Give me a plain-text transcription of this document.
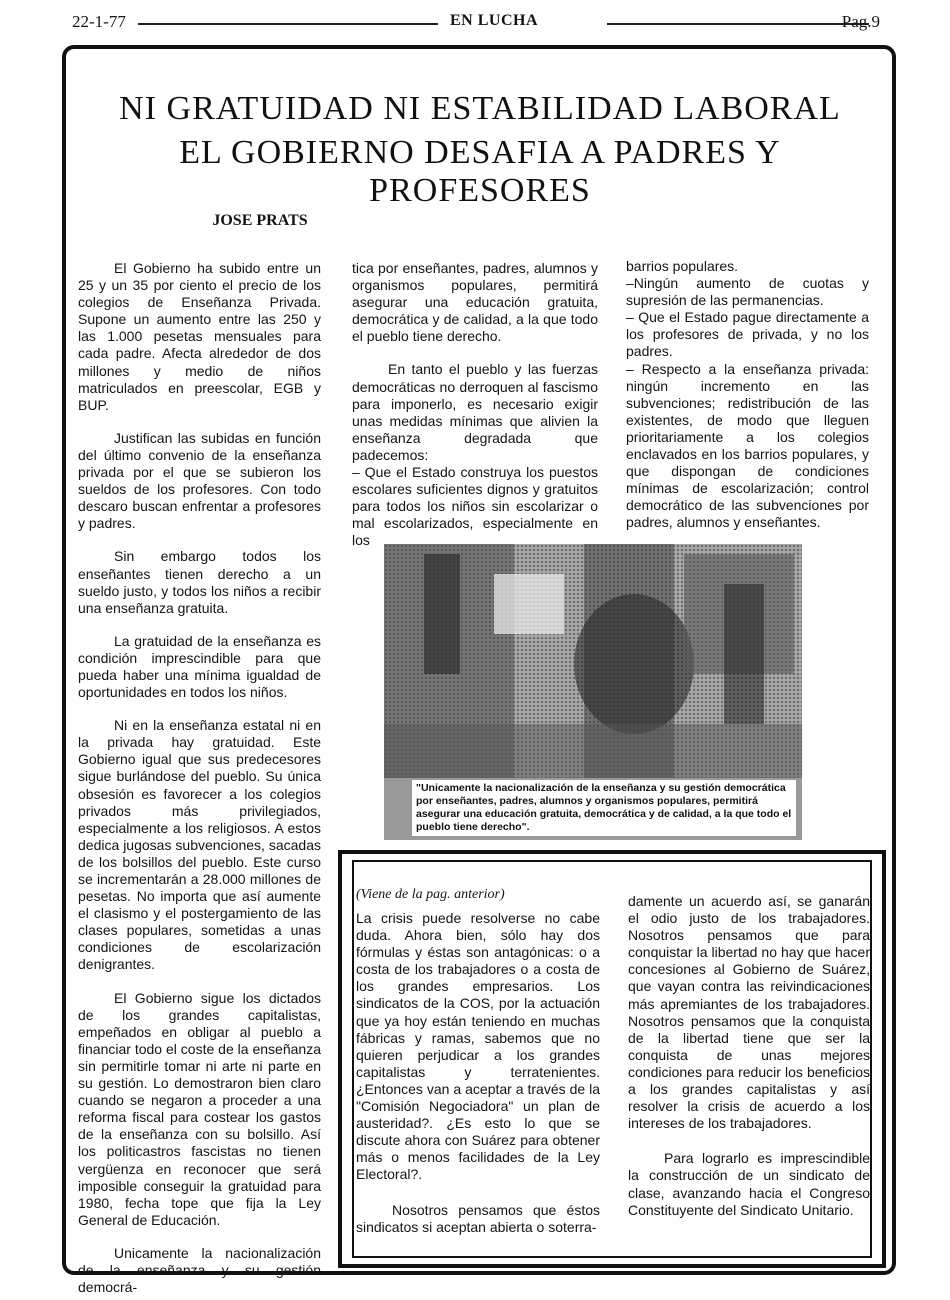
22-1-77	EN LUCHA	Pag.9
NI GRATUIDAD NI ESTABILIDAD LABORAL
EL GOBIERNO DESAFIA A PADRES Y PROFESORES
JOSE PRATS

El Gobierno ha subido entre un 25 y un 35 por ciento el precio de los colegios de Enseñanza Privada. Supone un aumento entre las 250 y las 1.000 pesetas mensuales para cada padre. Afecta alrededor de dos millones y medio de niños matriculados en preescolar, EGB y BUP.

Justifican las subidas en función del último convenio de la enseñanza privada por el que se subieron los sueldos de los profesores. Con todo descaro buscan enfrentar a profesores y padres.

Sin embargo todos los enseñantes tienen derecho a un sueldo justo, y todos los niños a recibir una enseñanza gratuita.

La gratuidad de la enseñanza es condición imprescindible para que pueda haber una mínima igualdad de oportunidades en todos los niños.

Ni en la enseñanza estatal ni en la privada hay gratuidad. Este Gobierno igual que sus predecesores sigue burlándose del pueblo. Su única obsesión es favorecer a los colegios privados más privilegiados, especialmente a los religiosos. A estos dedica jugosas subvenciones, sacadas de los bolsillos del pueblo. Este curso se incrementarán a 28.000 millones de pesetas. No importa que así aumente el clasismo y el postergamiento de las clases populares, sometidas a unas condiciones de escolarización denigrantes.

El Gobierno sigue los dictados de los grandes capitalistas, empeñados en obligar al pueblo a financiar todo el coste de la enseñanza sin permitirle tomar ni arte ni parte en su gestión. Lo demostraron bien claro cuando se negaron a proceder a una reforma fiscal para costear los gastos de la enseñanza con su bolsillo. Así los politicastros fascistas no tienen vergüenza en reconocer que será imposible conseguir la gratuidad para 1980, fecha tope que fija la Ley General de Educación.

Unicamente la nacionalización de la enseñanza y su gestión democrá-

tica por enseñantes, padres, alumnos y organismos populares, permitirá asegurar una educación gratuita, democrática y de calidad, a la que todo el pueblo tiene derecho.

En tanto el pueblo y las fuerzas democráticas no derroquen al fascismo para imponerlo, es necesario exigir unas medidas mínimas que alivien la enseñanza degradada que padecemos:

– Que el Estado construya los puestos escolares suficientes dignos y gratuitos para todos los niños sin escolarizar o mal escolarizados, especialmente en los

barrios populares.

–Ningún aumento de cuotas y supresión de las permanencias.

– Que el Estado pague directamente a los profesores de privada, y no los padres.

– Respecto a la enseñanza privada: ningún incremento en las subvenciones; redistribución de las existentes, de modo que lleguen prioritariamente a los colegios enclavados en los barrios populares, y que dispongan de condiciones mínimas de escolarización; control democrático de las subvenciones por padres, alumnos y enseñantes.

"Unicamente la nacionalización de la enseñanza y su gestión democrática por enseñantes, padres, alumnos y organismos populares, permitirá asegurar una educación gratuita, democrática y de calidad, a la que todo el pueblo tiene derecho".
(Viene de la pag. anterior)

La crisis puede resolverse no cabe duda. Ahora bien, sólo hay dos fórmulas y éstas son antagónicas: o a costa de los trabajadores o a costa de los grandes empresarios. Los sindicatos de la COS, por la actuación que ya hoy están teniendo en muchas fábricas y ramas, sabemos que no quieren perjudicar a los grandes capitalistas y terratenientes. ¿Entonces van a aceptar a través de la "Comisión Negociadora" un plan de austeridad?. ¿Es esto lo que se discute ahora con Suárez para obtener más o menos facilidades de la Ley Electoral?.

Nosotros pensamos que éstos sindicatos si aceptan abierta o soterra-

damente un acuerdo así, se ganarán el odio justo de los trabajadores. Nosotros pensamos que para conquistar la libertad no hay que hacer concesiones al Gobierno de Suárez, que vayan contra las reivindicaciones más apremiantes de los trabajadores. Nosotros pensamos que la conquista de la libertad tiene que ser la conquista de unas mejores condiciones para reducir los beneficios a los grandes capitalistas y así resolver la crisis de acuerdo a los intereses de los trabajadores.

Para lograrlo es imprescindible la construcción de un sindicato de clase, avanzando hacia el Congreso Constituyente del Sindicato Unitario.
